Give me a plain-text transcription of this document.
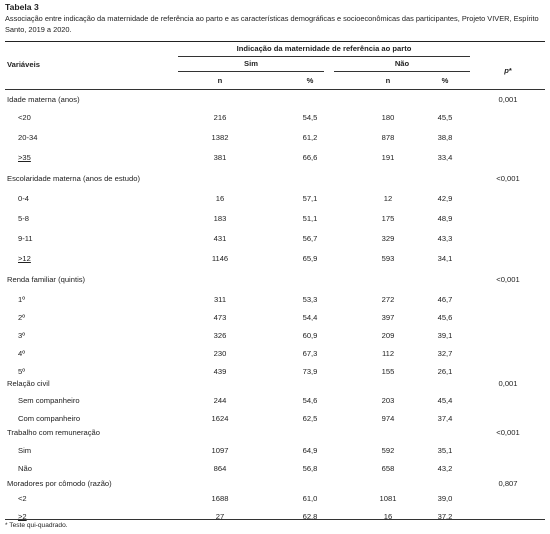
Tabela 3
Associação entre indicação da maternidade de referência ao parto e as características demográficas e socioeconômicas das participantes, Projeto VIVER, Espírito Santo, 2019 a 2020.
Variáveis
Indicação da maternidade de referência ao parto
Sim	Não
n	%	n	%
p*
Idade materna (anos)	0,001
<20	216	54,5	180	45,5
20-34	1382	61,2	878	38,8
>35	381	66,6	191	33,4
Escolaridade materna (anos de estudo)	<0,001
0-4	16	57,1	12	42,9
5-8	183	51,1	175	48,9
9-11	431	56,7	329	43,3
>12	1146	65,9	593	34,1
Renda familiar (quintis)	<0,001
1º	311	53,3	272	46,7
2º	473	54,4	397	45,6
3º	326	60,9	209	39,1
4º	230	67,3	112	32,7
5º	439	73,9	155	26,1
Relação civil	0,001
Sem companheiro	244	54,6	203	45,4
Com companheiro	1624	62,5	974	37,4
Trabalho com remuneração	<0,001
Sim	1097	64,9	592	35,1
Não	864	56,8	658	43,2
Moradores por cômodo (razão)	0,807
<2	1688	61,0	1081	39,0
>2	27	62,8	16	37,2
* Teste qui-quadrado.
